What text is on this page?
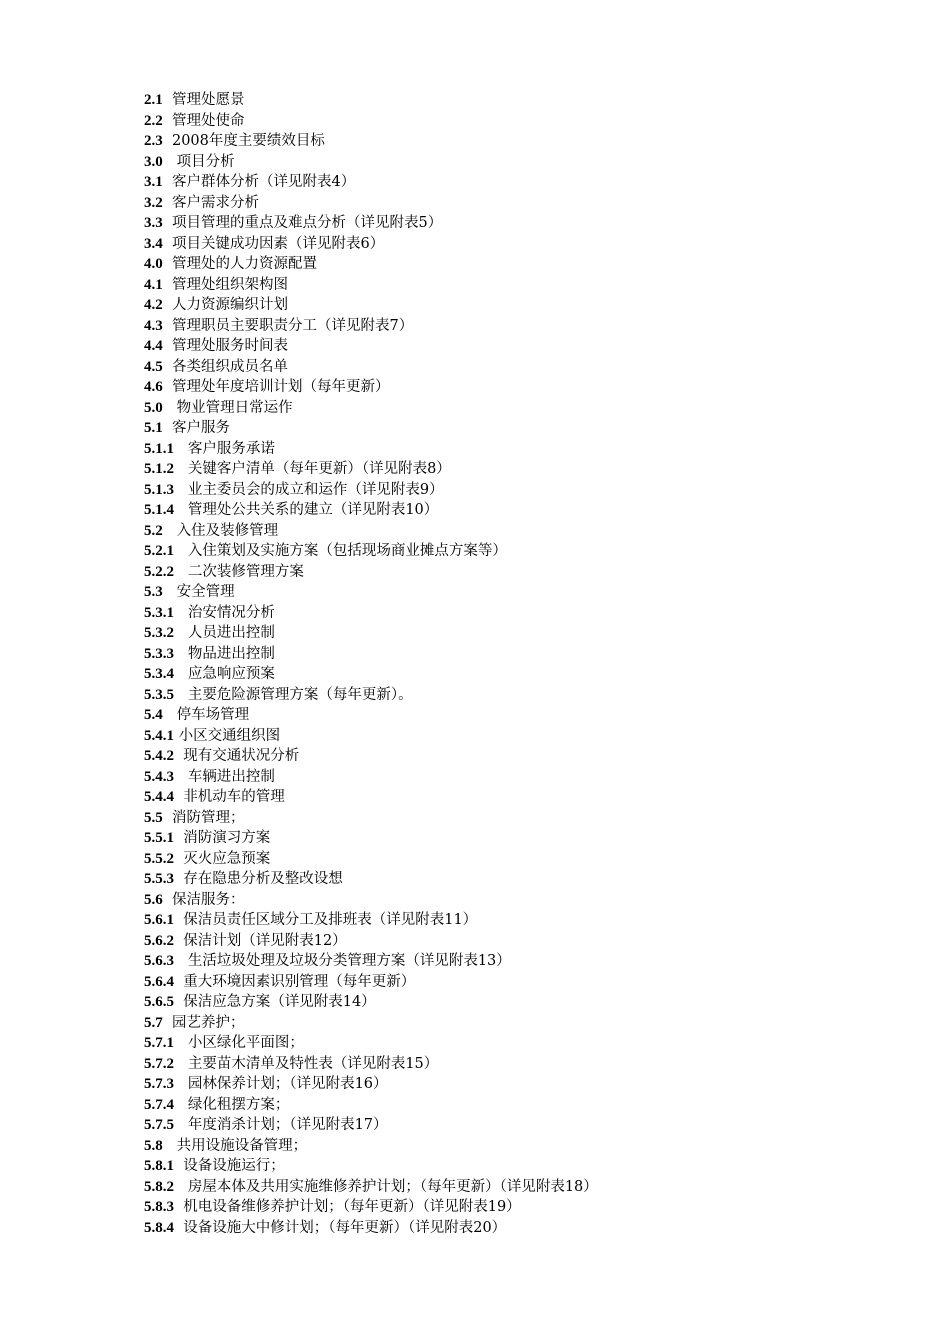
2.1 管理处愿景
2.2 管理处使命
2.3 2008年度主要绩效目标
3.0 项目分析
3.1 客户群体分析（详见附表4）
3.2 客户需求分析
3.3 项目管理的重点及难点分析（详见附表5）
3.4 项目关键成功因素（详见附表6）
4.0 管理处的人力资源配置
4.1 管理处组织架构图
4.2 人力资源编织计划
4.3 管理职员主要职责分工（详见附表7）
4.4 管理处服务时间表
4.5 各类组织成员名单
4.6 管理处年度培训计划（每年更新）
5.0 物业管理日常运作
5.1 客户服务
5.1.1 客户服务承诺
5.1.2 关键客户清单（每年更新）（详见附表8）
5.1.3 业主委员会的成立和运作（详见附表9）
5.1.4 管理处公共关系的建立（详见附表10）
5.2 入住及装修管理
5.2.1 入住策划及实施方案（包括现场商业摊点方案等）
5.2.2 二次装修管理方案
5.3 安全管理
5.3.1 治安情况分析
5.3.2 人员进出控制
5.3.3 物品进出控制
5.3.4 应急响应预案
5.3.5 主要危险源管理方案（每年更新）。
5.4 停车场管理
5.4.1 小区交通组织图
5.4.2 现有交通状况分析
5.4.3 车辆进出控制
5.4.4 非机动车的管理
5.5 消防管理；
5.5.1 消防演习方案
5.5.2 灭火应急预案
5.5.3 存在隐患分析及整改设想
5.6 保洁服务：
5.6.1 保洁员责任区域分工及排班表（详见附表11）
5.6.2 保洁计划（详见附表12）
5.6.3 生活垃圾处理及垃圾分类管理方案（详见附表13）
5.6.4 重大环境因素识别管理（每年更新）
5.6.5 保洁应急方案（详见附表14）
5.7 园艺养护；
5.7.1 小区绿化平面图；
5.7.2 主要苗木清单及特性表（详见附表15）
5.7.3 园林保养计划；（详见附表16）
5.7.4 绿化租摆方案；
5.7.5 年度消杀计划；（详见附表17）
5.8 共用设施设备管理；
5.8.1 设备设施运行；
5.8.2 房屋本体及共用实施维修养护计划；（每年更新）（详见附表18）
5.8.3 机电设备维修养护计划；（每年更新）（详见附表19）
5.8.4 设备设施大中修计划；（每年更新）（详见附表20）
